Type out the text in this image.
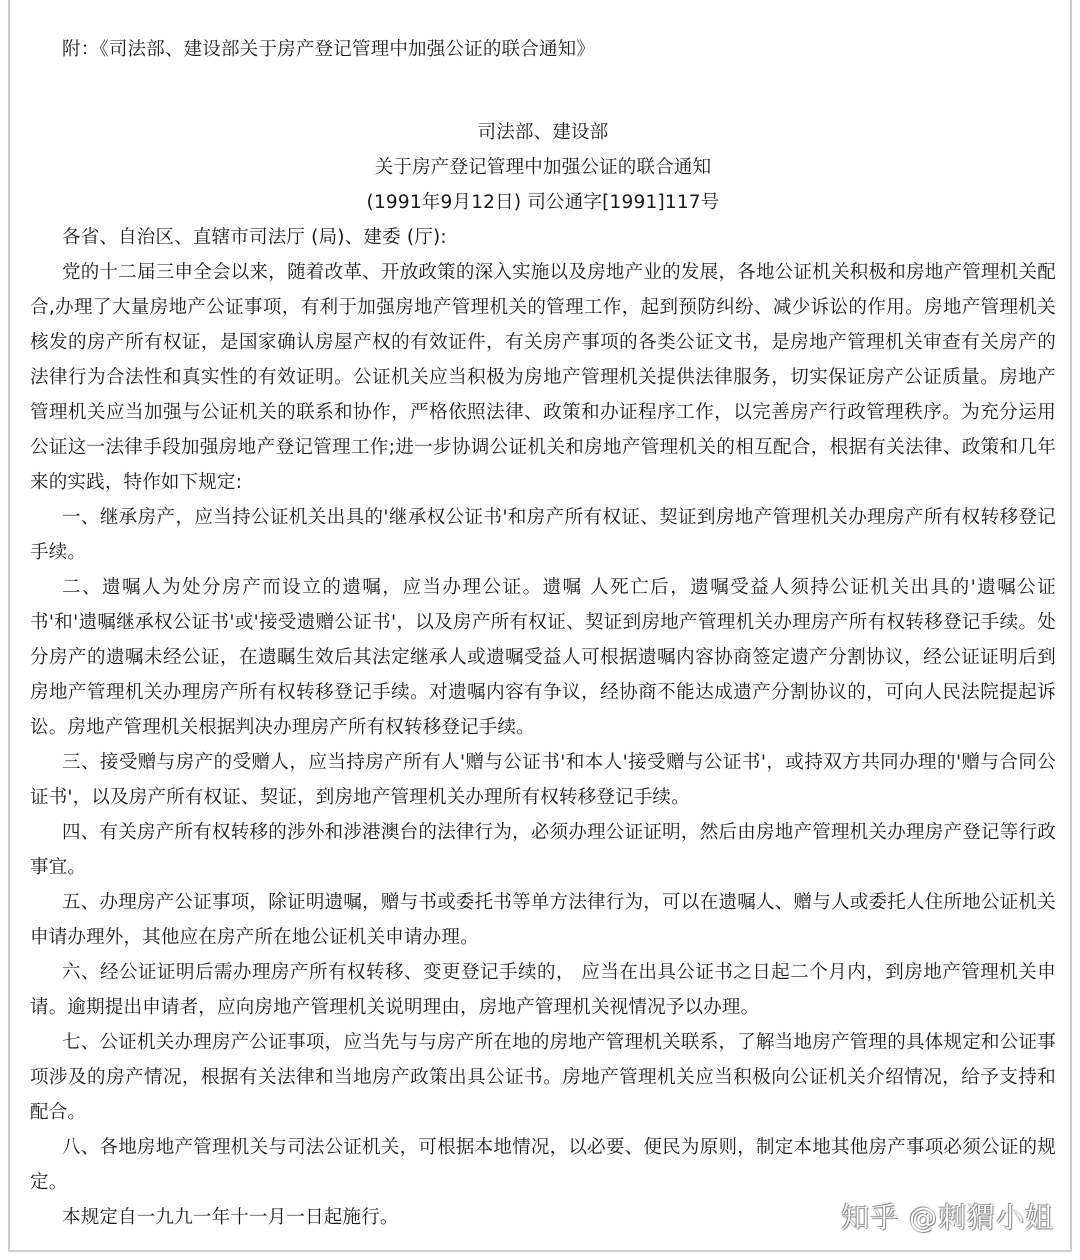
附：《司法部、建设部关于房产登记管理中加强公证的联合通知》
司法部、建设部
关于房产登记管理中加强公证的联合通知
(1991年9月12日) 司公通字[1991]117号
各省、自治区、直辖市司法厅 (局)、建委 (厅):

党的十二届三申全会以来，随着改革、开放政策的深入实施以及房地产业的发展，各地公证机关积极和房地产管理机关配合,办理了大量房地产公证事项，有利于加强房地产管理机关的管理工作，起到预防纠纷、减少诉讼的作用。房地产管理机关核发的房产所有权证，是国家确认房屋产权的有效证件，有关房产事项的各类公证文书，是房地产管理机关审查有关房产的法律行为合法性和真实性的有效证明。公证机关应当积极为房地产管理机关提供法律服务，切实保证房产公证质量。房地产管理机关应当加强与公证机关的联系和协作，严格依照法律、政策和办证程序工作，以完善房产行政管理秩序。为充分运用公证这一法律手段加强房地产登记管理工作;进一步协调公证机关和房地产管理机关的相互配合，根据有关法律、政策和几年来的实践，特作如下规定:

一、继承房产，应当持公证机关出具的'继承权公证书'和房产所有权证、契证到房地产管理机关办理房产所有权转移登记手续。

二、遗嘱人为处分房产而设立的遗嘱，应当办理公证。遗嘱 人死亡后，遗嘱受益人须持公证机关出具的'遗嘱公证书'和'遗嘱继承权公证书'或'接受遗赠公证书'，以及房产所有权证、契证到房地产管理机关办理房产所有权转移登记手续。处分房产的遗嘱未经公证，在遗瞩生效后其法定继承人或遗嘱受益人可根据遗嘱内容协商签定遗产分割协议，经公证证明后到房地产管理机关办理房产所有权转移登记手续。对遗嘱内容有争议，经协商不能达成遗产分割协议的，可向人民法院提起诉讼。房地产管理机关根据判决办理房产所有权转移登记手续。

三、接受赠与房产的受赠人，应当持房产所有人'赠与公证书'和本人'接受赠与公证书'，或持双方共同办理的'赠与合同公证书'，以及房产所有权证、契证，到房地产管理机关办理所有权转移登记手续。

四、有关房产所有权转移的涉外和涉港澳台的法律行为，必须办理公证证明，然后由房地产管理机关办理房产登记等行政事宜。

五、办理房产公证事项，除证明遗嘱，赠与书或委托书等单方法律行为，可以在遗嘱人、赠与人或委托人住所地公证机关申请办理外，其他应在房产所在地公证机关申请办理。

六、经公证证明后需办理房产所有权转移、变更登记手续的， 应当在出具公证书之日起二个月内，到房地产管理机关申请。逾期提出申请者，应向房地产管理机关说明理由，房地产管理机关视情况予以办理。

七、公证机关办理房产公证事项，应当先与与房产所在地的房地产管理机关联系，了解当地房产管理的具体规定和公证事项涉及的房产情况，根据有关法律和当地房产政策出具公证书。房地产管理机关应当积极向公证机关介绍情况，给予支持和配合。

八、各地房地产管理机关与司法公证机关，可根据本地情况，以必要、便民为原则，制定本地其他房产事项必须公证的规定。

本规定自一九九一年十一月一日起施行。	知乎 @刺猬小姐
